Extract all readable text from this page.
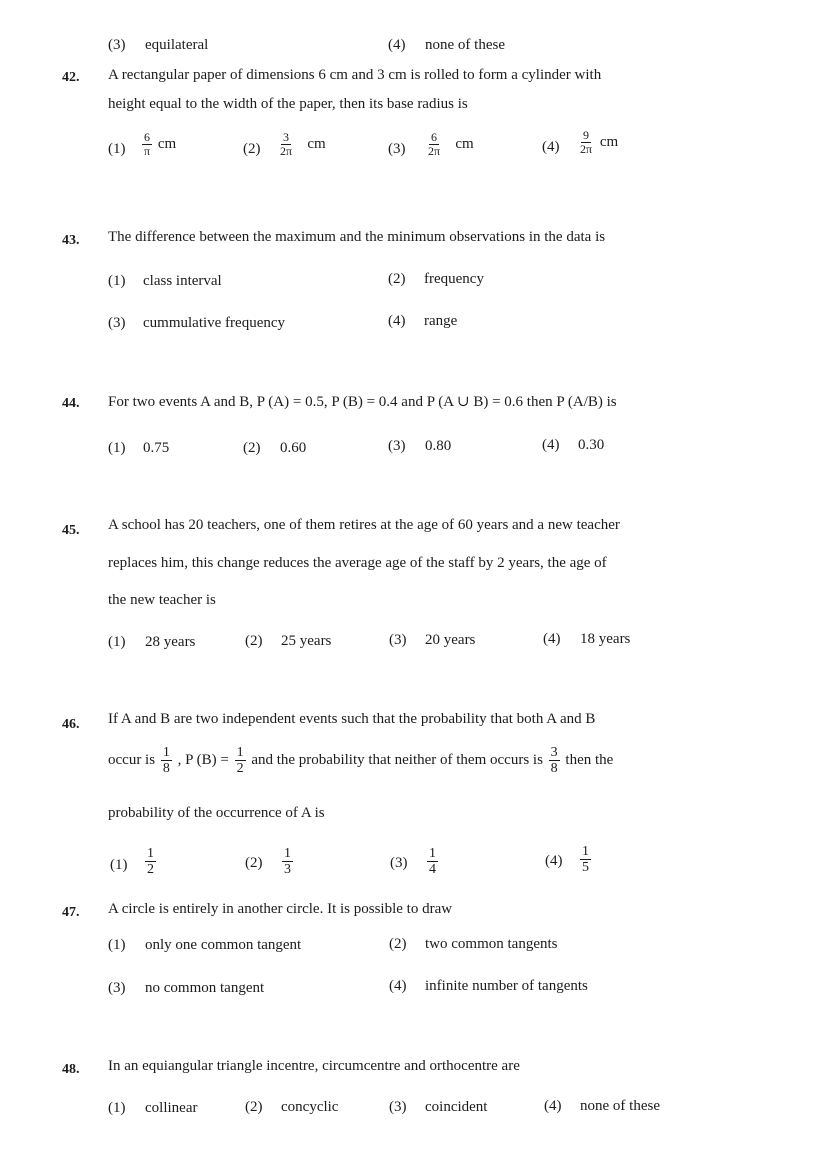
(3) equilateral	(4) none of these
42. A rectangular paper of dimensions 6 cm and 3 cm is rolled to form a cylinder with
height equal to the width of the paper, then its base radius is
$(1) \frac{6}{\pi}$ cm	$(2) \frac{3}{2\pi}$ cm	$(3) \frac{6}{2\pi}$ cm	$(4) \frac{9}{2\pi}$ cm
43. The difference between the maximum and the minimum observations in the data is
(1) class interval	(2) frequency
(3) cummulative frequency	(4) range
44. For two events A and B, P (A) = 0.5, P (B) = 0.4 and P (A ∪ B) = 0.6 then P (A/B) is
(1) 0.75	(2) 0.60	(3) 0.80	(4) 0.30
45. A school has 20 teachers, one of them retires at the age of 60 years and a new teacher
replaces him, this change reduces the average age of the staff by 2 years, the age of
the new teacher is
(1) 28 years	(2) 25 years	(3) 20 years	(4) 18 years
46. If A and B are two independent events such that the probability that both A and B
occur is $\frac{1}{8}$ , P $(B) = \frac{1}{2}$ and the probability that neither of them occurs is $\frac{3}{8}$ then the
probability of the occurrence of A is
$(1) \frac{1}{2}$	$(2) \frac{1}{3}$	$(3) \frac{1}{4}$	$(4) \frac{1}{5}$
47. A circle is entirely in another circle. It is possible to draw
(1) only one common tangent	(2) two common tangents
(3) no common tangent	(4) infinite number of tangents
48. In an equiangular triangle incentre, circumcentre and orthocentre are
(1) collinear	(2) concyclic	(3) coincident	(4) none of these
